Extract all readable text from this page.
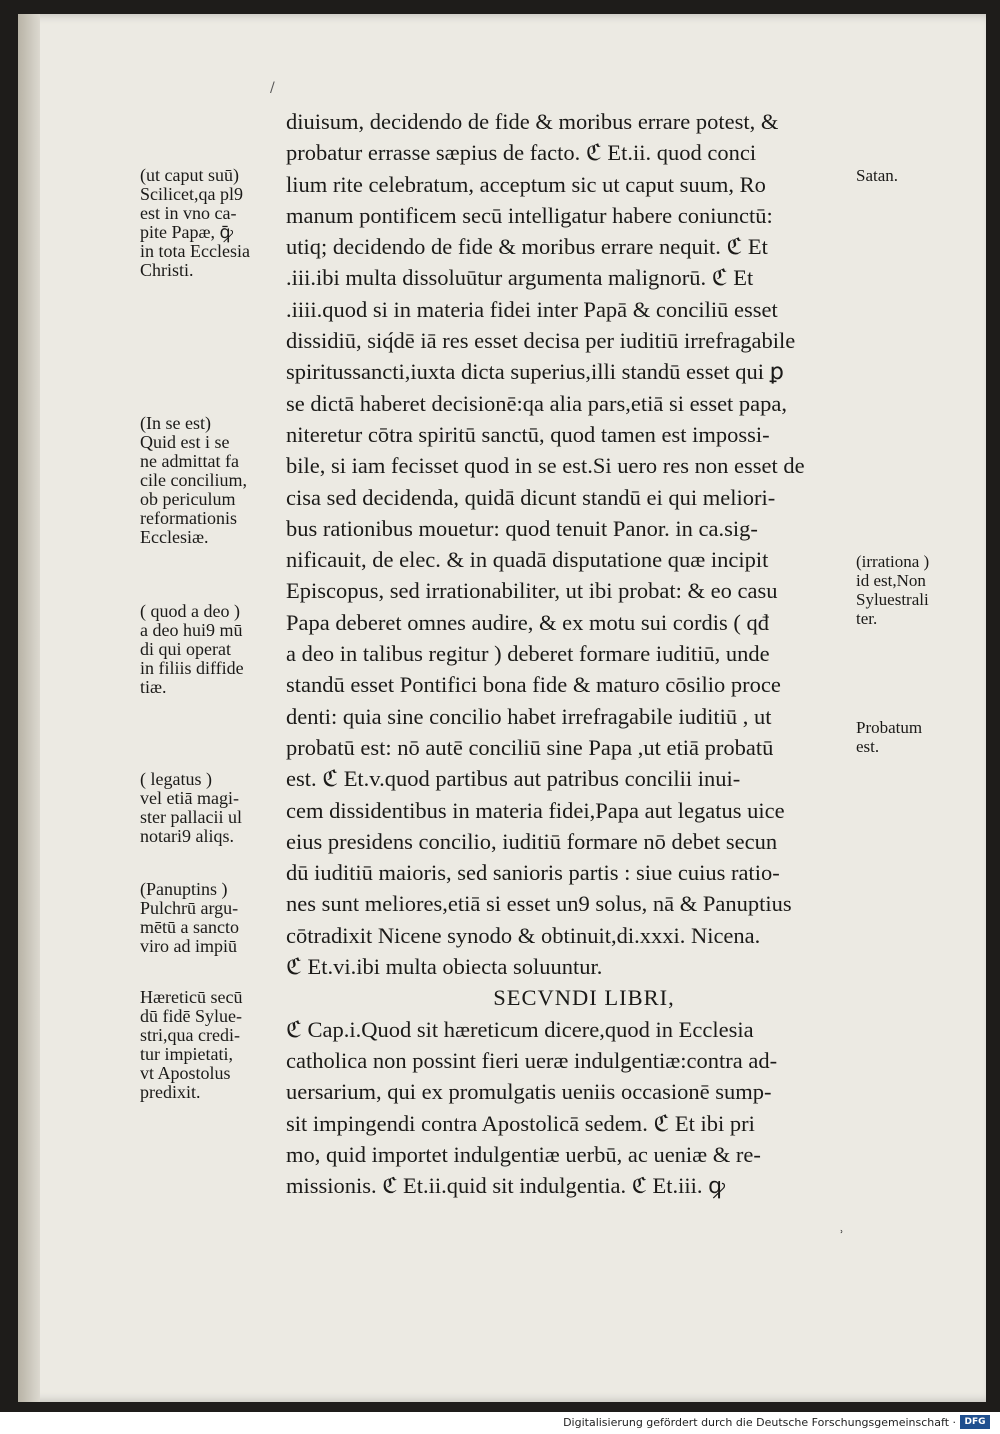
/
diuisum, decidendo de fide & moribus errare potest, &
probatur errasse sæpius de facto. ℭ Et.ii. quod conci
lium rite celebratum, acceptum sic ut caput suum, Ro
manum pontificem secū intelligatur habere coniunctū:
utiq; decidendo de fide & moribus errare nequit. ℭ Et
.iii.ibi multa dissoluūtur argumenta malignorū. ℭ Et
.iiii.quod si in materia fidei inter Papā & conciliū esset
dissidiū, siq́dē iā res esset decisa per iuditiū irrefragabile
spiritussancti,iuxta dicta superius,illi standū esset qui ꝑ
se dictā haberet decisionē:qa alia pars,etiā si esset papa,
niteretur cōtra spiritū sanctū, quod tamen est impossi-
bile, si iam fecisset quod in se est.Si uero res non esset de
cisa sed decidenda, quidā dicunt standū ei qui meliori-
bus rationibus mouetur: quod tenuit Panor. in ca.sig-
nificauit, de elec. & in quadā disputatione quæ incipit
Episcopus, sed irrationabiliter, ut ibi probat: & eo casu
Papa deberet omnes audire, & ex motu sui cordis ( qđ
a deo in talibus regitur ) deberet formare iuditiū, unde
standū esset Pontifici bona fide & maturo cōsilio proce
denti: quia sine concilio habet irrefragabile iuditiū , ut
probatū est: nō autē conciliū sine Papa ,ut etiā probatū
est. ℭ Et.v.quod partibus aut patribus concilii inui-
cem dissidentibus in materia fidei,Papa aut legatus uice
eius presidens concilio, iuditiū formare nō debet secun
dū iuditiū maioris, sed sanioris partis : siue cuius ratio-
nes sunt meliores,etiā si esset un9 solus, nā & Panuptius
cōtradixit Nicene synodo & obtinuit,di.xxxi. Nicena.
ℭ Et.vi.ibi multa obiecta soluuntur.
SECVNDI LIBRI,
ℭ Cap.i.Quod sit hæreticum dicere,quod in Ecclesia
catholica non possint fieri ueræ indulgentiæ:contra ad-
uersarium, qui ex promulgatis ueniis occasionē sump-
sit impingendi contra Apostolicā sedem. ℭ Et ibi pri
mo, quid importet indulgentiæ uerbū, ac ueniæ & re-
missionis. ℭ Et.ii.quid sit indulgentia. ℭ Et.iii. ꝙ
(ut caput suū)
Scilicet,qa pl9
est in vno ca-
pite Papæ, ꝙ̄
in tota Ecclesia
Christi.
(In se est)
Quid est i se
ne admittat fa
cile concilium,
ob periculum
reformationis
Ecclesiæ.
( quod a deo )
a deo hui9 mū
di qui operat
in filiis diffide
tiæ.
( legatus )
vel etiā magi-
ster pallacii ul
notari9 aliqs.
(Panuptins )
Pulchrū argu-
mētū a sancto
viro ad impiū
Hæreticū secū
dū fidē Sylue-
stri,qua credi-
tur impietati,
vt Apostolus
predixit.
Satan.
(irrationa )
id est,Non
Syluestrali
ter.
Probatum
est.
ʾ
Digitalisierung gefördert durch die Deutsche Forschungsgemeinschaft · DFG
